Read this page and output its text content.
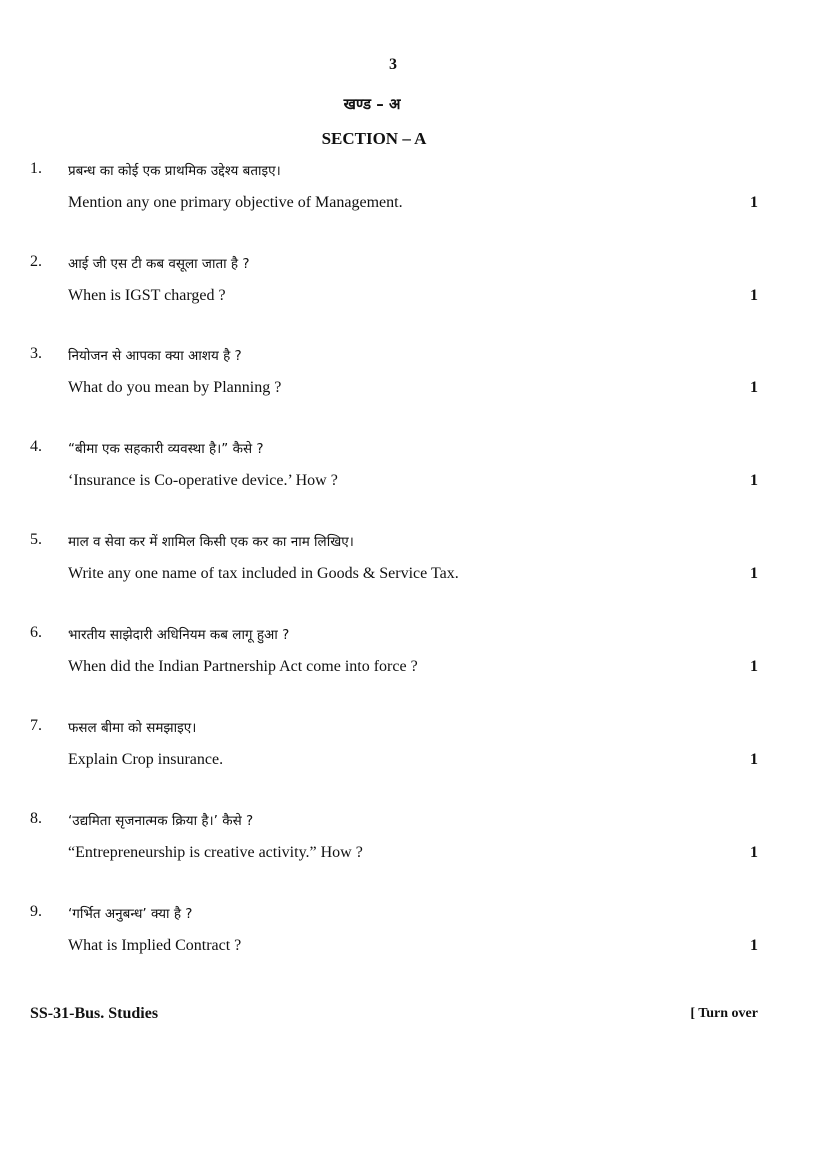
3
खण्ड – अ
SECTION – A
1. प्रबन्ध का कोई एक प्राथमिक उद्देश्य बताइए।
Mention any one primary objective of Management.	1
2. आई जी एस टी कब वसूला जाता है ?
When is IGST charged ?	1
3. नियोजन से आपका क्या आशय है ?
What do you mean by Planning ?	1
4. “बीमा एक सहकारी व्यवस्था है।” कैसे ?
‘Insurance is Co-operative device.’ How ?	1
5. माल व सेवा कर में शामिल किसी एक कर का नाम लिखिए।
Write any one name of tax included in Goods & Service Tax.	1
6. भारतीय साझेदारी अधिनियम कब लागू हुआ ?
When did the Indian Partnership Act come into force ?	1
7. फसल बीमा को समझाइए।
Explain Crop insurance.	1
8. ‘उद्यमिता सृजनात्मक क्रिया है।’ कैसे ?
“Entrepreneurship is creative activity.” How ?	1
9. ‘गर्भित अनुबन्ध’ क्या है ?
What is Implied Contract ?	1
SS-31-Bus. Studies	[ Turn over
